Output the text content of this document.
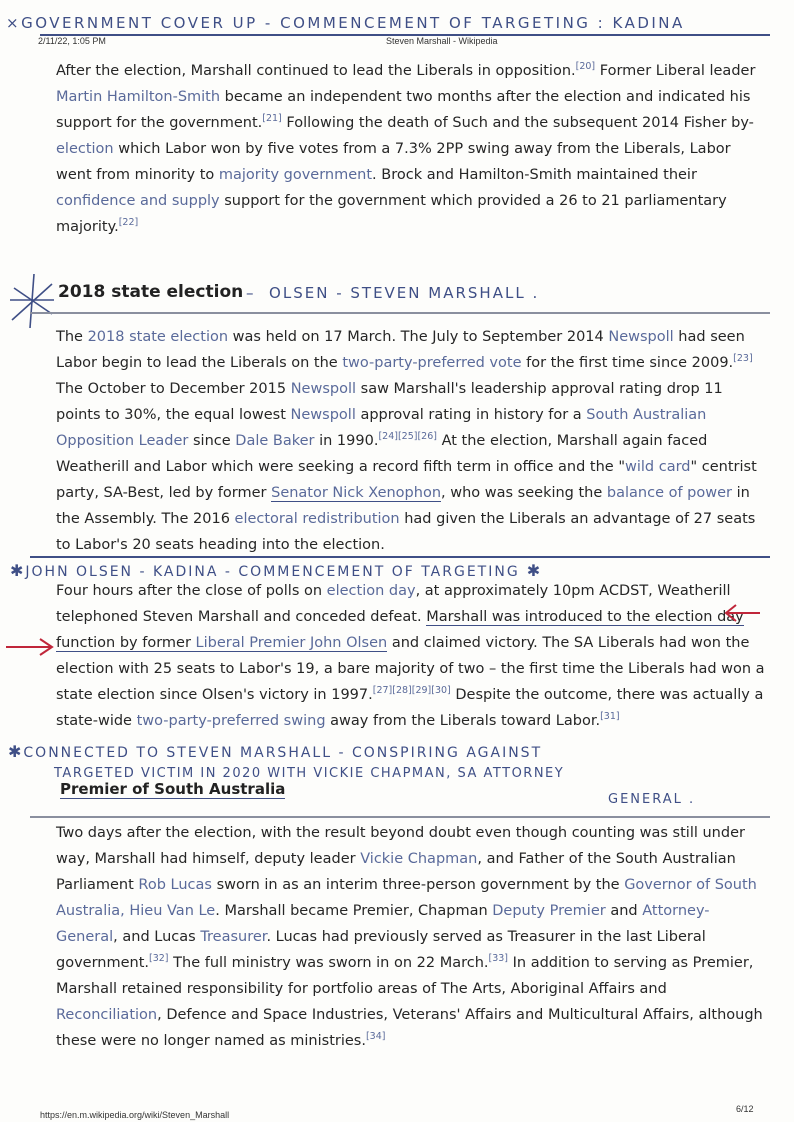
×GOVERNMENT COVER UP - COMMENCEMENT OF TARGETING : KADINA
2/11/22, 1:05 PM	Steven Marshall - Wikipedia
After the election, Marshall continued to lead the Liberals in opposition.[20] Former Liberal leader
Martin Hamilton-Smith became an independent two months after the election and indicated his
support for the government.[21] Following the death of Such and the subsequent 2014 Fisher by-
election which Labor won by five votes from a 7.3% 2PP swing away from the Liberals, Labor
went from minority to majority government. Brock and Hamilton-Smith maintained their
confidence and supply support for the government which provided a 26 to 21 parliamentary
majority.[22]
2018 state election –  OLSEN - STEVEN MARSHALL .
The 2018 state election was held on 17 March. The July to September 2014 Newspoll had seen
Labor begin to lead the Liberals on the two-party-preferred vote for the first time since 2009.[23]
The October to December 2015 Newspoll saw Marshall's leadership approval rating drop 11
points to 30%, the equal lowest Newspoll approval rating in history for a South Australian
Opposition Leader since Dale Baker in 1990.[24][25][26] At the election, Marshall again faced
Weatherill and Labor which were seeking a record fifth term in office and the "wild card" centrist
party, SA-Best, led by former Senator Nick Xenophon, who was seeking the balance of power in
the Assembly. The 2016 electoral redistribution had given the Liberals an advantage of 27 seats
to Labor's 20 seats heading into the election.
✱JOHN OLSEN - KADINA - COMMENCEMENT OF TARGETING ✱
Four hours after the close of polls on election day, at approximately 10pm ACDST, Weatherill
telephoned Steven Marshall and conceded defeat. Marshall was introduced to the election day
function by former Liberal Premier John Olsen and claimed victory. The SA Liberals had won the
election with 25 seats to Labor's 19, a bare majority of two – the first time the Liberals had won a
state election since Olsen's victory in 1997.[27][28][29][30] Despite the outcome, there was actually a
state-wide two-party-preferred swing away from the Liberals toward Labor.[31]
✱CONNECTED TO STEVEN MARSHALL - CONSPIRING AGAINST
TARGETED VICTIM IN 2020 WITH VICKIE CHAPMAN, SA ATTORNEY
Premier of South Australia
GENERAL .
Two days after the election, with the result beyond doubt even though counting was still under
way, Marshall had himself, deputy leader Vickie Chapman, and Father of the South Australian
Parliament Rob Lucas sworn in as an interim three-person government by the Governor of South
Australia, Hieu Van Le. Marshall became Premier, Chapman Deputy Premier and Attorney-
General, and Lucas Treasurer. Lucas had previously served as Treasurer in the last Liberal
government.[32] The full ministry was sworn in on 22 March.[33] In addition to serving as Premier,
Marshall retained responsibility for portfolio areas of The Arts, Aboriginal Affairs and
Reconciliation, Defence and Space Industries, Veterans' Affairs and Multicultural Affairs, although
these were no longer named as ministries.[34]
https://en.m.wikipedia.org/wiki/Steven_Marshall
6/12
